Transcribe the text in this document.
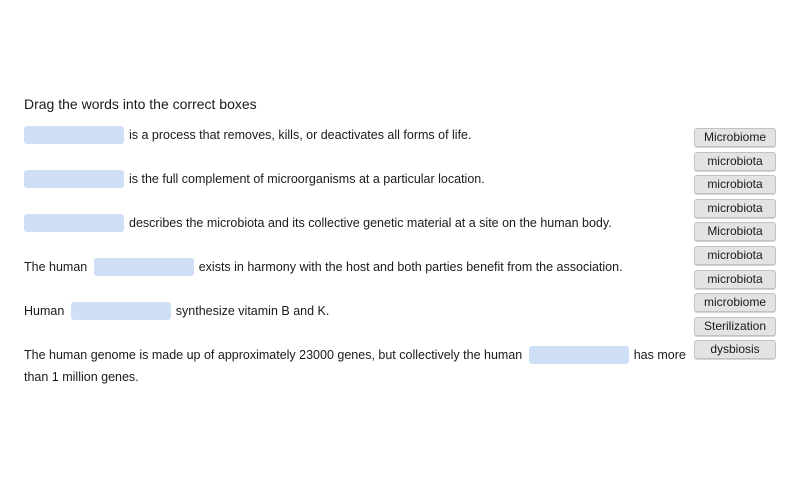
Drag the words into the correct boxes
is a process that removes, kills, or deactivates all forms of life.
is the full complement of microorganisms at a particular location.
describes the microbiota and its collective genetic material at a site on the human body.
The human	exists in harmony with the host and both parties benefit from the association.
Human	synthesize vitamin B and K.
The human genome is made up of approximately 23000 genes, but collectively the human	has more
than 1 million genes.
Microbiome
microbiota
microbiota
microbiota
Microbiota
microbiota
microbiota
microbiome
Sterilization
dysbiosis
